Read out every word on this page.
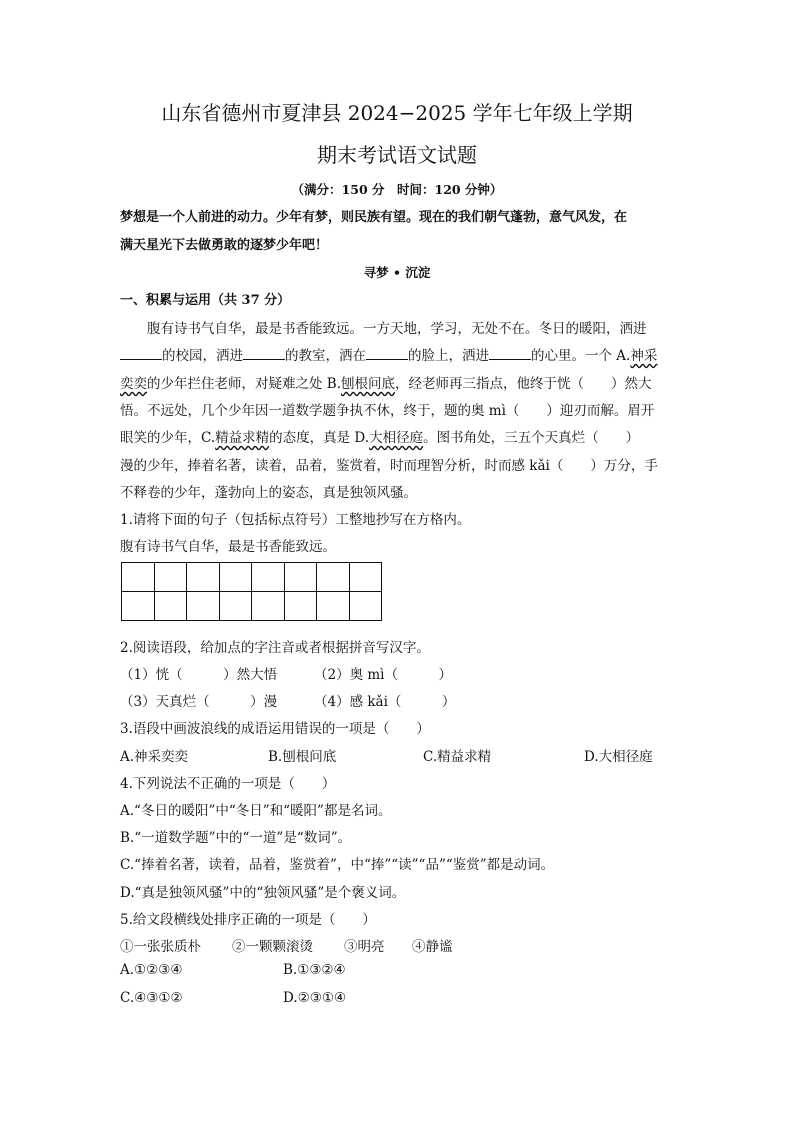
山东省德州市夏津县 2024−2025 学年七年级上学期
期末考试语文试题
（满分：150 分　时间：120 分钟）
梦想是一个人前进的动力。少年有梦，则民族有望。现在的我们朝气蓬勃，意气风发，在
满天星光下去做勇敢的逐梦少年吧！
寻梦 • 沉淀
一、积累与运用（共 37 分）
腹有诗书气自华，最是书香能致远。一方天地，学习，无处不在。冬日的暖阳，洒进
的校园，洒进	的教室，洒在	的脸上，洒进	的心里。一个 A.神采
奕奕的少年拦住老师，对疑难之处 B.刨根问底，经老师再三指点，他终于恍（　　）然大
悟。不远处，几个少年因一道数学题争执不休，终于，题的奥 mì（　　）迎刃而解。眉开
眼笑的少年，C.精益求精的态度，真是 D.大相径庭。图书角处，三五个天真烂（　　）
漫的少年，捧着名著，读着，品着，鉴赏着，时而理智分析，时而感 kǎi（　　）万分，手
不释卷的少年，蓬勃向上的姿态，真是独领风骚。
1.请将下面的句子（包括标点符号）工整地抄写在方格内。
腹有诗书气自华，最是书香能致远。

2.阅读语段，给加点的字注音或者根据拼音写汉字。
（1）恍（　　　）然大悟	（2）奥 mì（　　　）
（3）天真烂（　　　）漫	（4）感 kǎi（　　　）
3.语段中画波浪线的成语运用错误的一项是（　　）
A.神采奕奕	B.刨根问底	C.精益求精	D.大相径庭
4.下列说法不正确的一项是（　　）
A.“冬日的暖阳”中“冬日”和“暖阳”都是名词。
B.“一道数学题”中的“一道”是“数词”。
C.“捧着名著，读着，品着，鉴赏着”，中“捧”“读”“品”“鉴赏”都是动词。
D.“真是独领风骚”中的“独领风骚”是个褒义词。
5.给文段横线处排序正确的一项是（　　）
①一张张质朴 ②一颗颗滚烫 ③明亮 ④静谧
A.①②③④	B.①③②④
C.④③①②	D.②③①④
